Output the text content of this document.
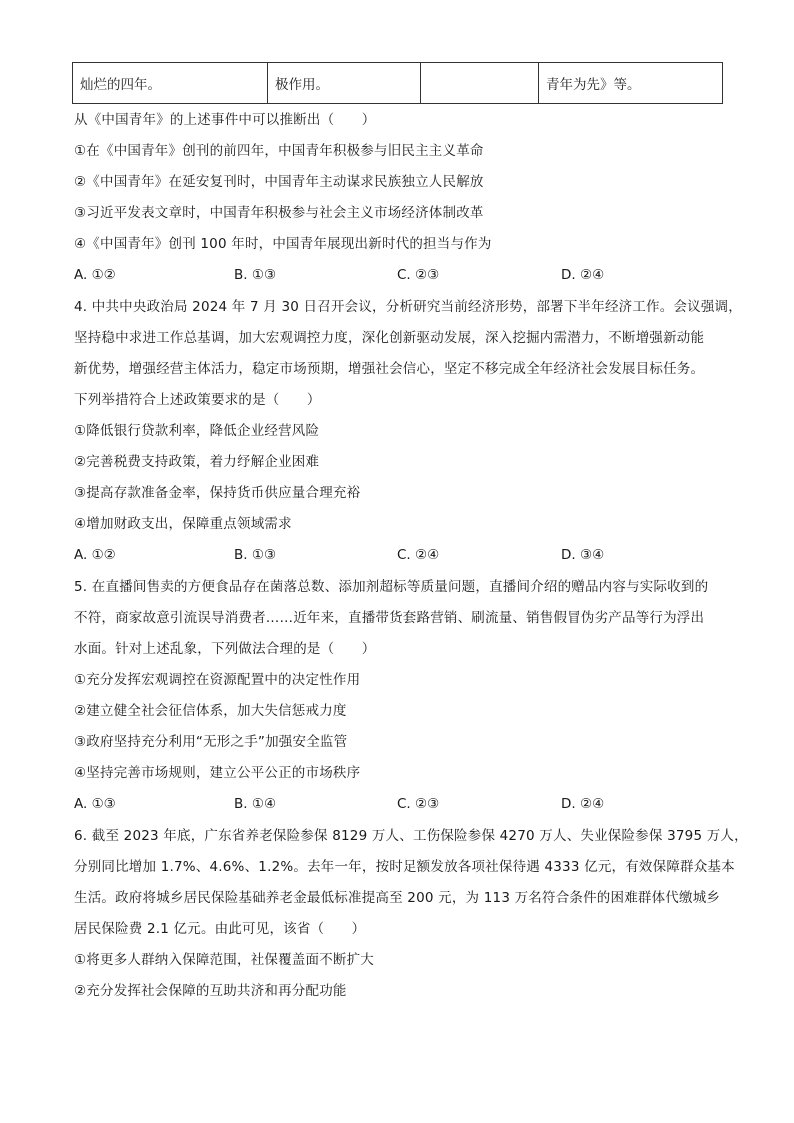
灿烂的四年。	极作用。		青年为先》等。
从《中国青年》的上述事件中可以推断出（　　）
①在《中国青年》创刊的前四年，中国青年积极参与旧民主主义革命
②《中国青年》在延安复刊时，中国青年主动谋求民族独立人民解放
③习近平发表文章时，中国青年积极参与社会主义市场经济体制改革
④《中国青年》创刊 100 年时，中国青年展现出新时代的担当与作为
A. ①②	B. ①③	C. ②③	D. ②④
4. 中共中央政治局 2024 年 7 月 30 日召开会议，分析研究当前经济形势，部署下半年经济工作。会议强调，
坚持稳中求进工作总基调，加大宏观调控力度，深化创新驱动发展，深入挖掘内需潜力，不断增强新动能
新优势，增强经营主体活力，稳定市场预期，增强社会信心，坚定不移完成全年经济社会发展目标任务。
下列举措符合上述政策要求的是（　　）
①降低银行贷款利率，降低企业经营风险
②完善税费支持政策，着力纾解企业困难
③提高存款准备金率，保持货币供应量合理充裕
④增加财政支出，保障重点领域需求
A. ①②	B. ①③	C. ②④	D. ③④
5. 在直播间售卖的方便食品存在菌落总数、添加剂超标等质量问题，直播间介绍的赠品内容与实际收到的
不符，商家故意引流误导消费者……近年来，直播带货套路营销、刷流量、销售假冒伪劣产品等行为浮出
水面。针对上述乱象，下列做法合理的是（　　）
①充分发挥宏观调控在资源配置中的决定性作用
②建立健全社会征信体系，加大失信惩戒力度
③政府坚持充分利用“无形之手”加强安全监管
④坚持完善市场规则，建立公平公正的市场秩序
A. ①③	B. ①④	C. ②③	D. ②④
6. 截至 2023 年底，广东省养老保险参保 8129 万人、工伤保险参保 4270 万人、失业保险参保 3795 万人，
分别同比增加 1.7%、4.6%、1.2%。去年一年，按时足额发放各项社保待遇 4333 亿元，有效保障群众基本
生活。政府将城乡居民保险基础养老金最低标准提高至 200 元，为 113 万名符合条件的困难群体代缴城乡
居民保险费 2.1 亿元。由此可见，该省（　　）
①将更多人群纳入保障范围，社保覆盖面不断扩大
②充分发挥社会保障的互助共济和再分配功能
